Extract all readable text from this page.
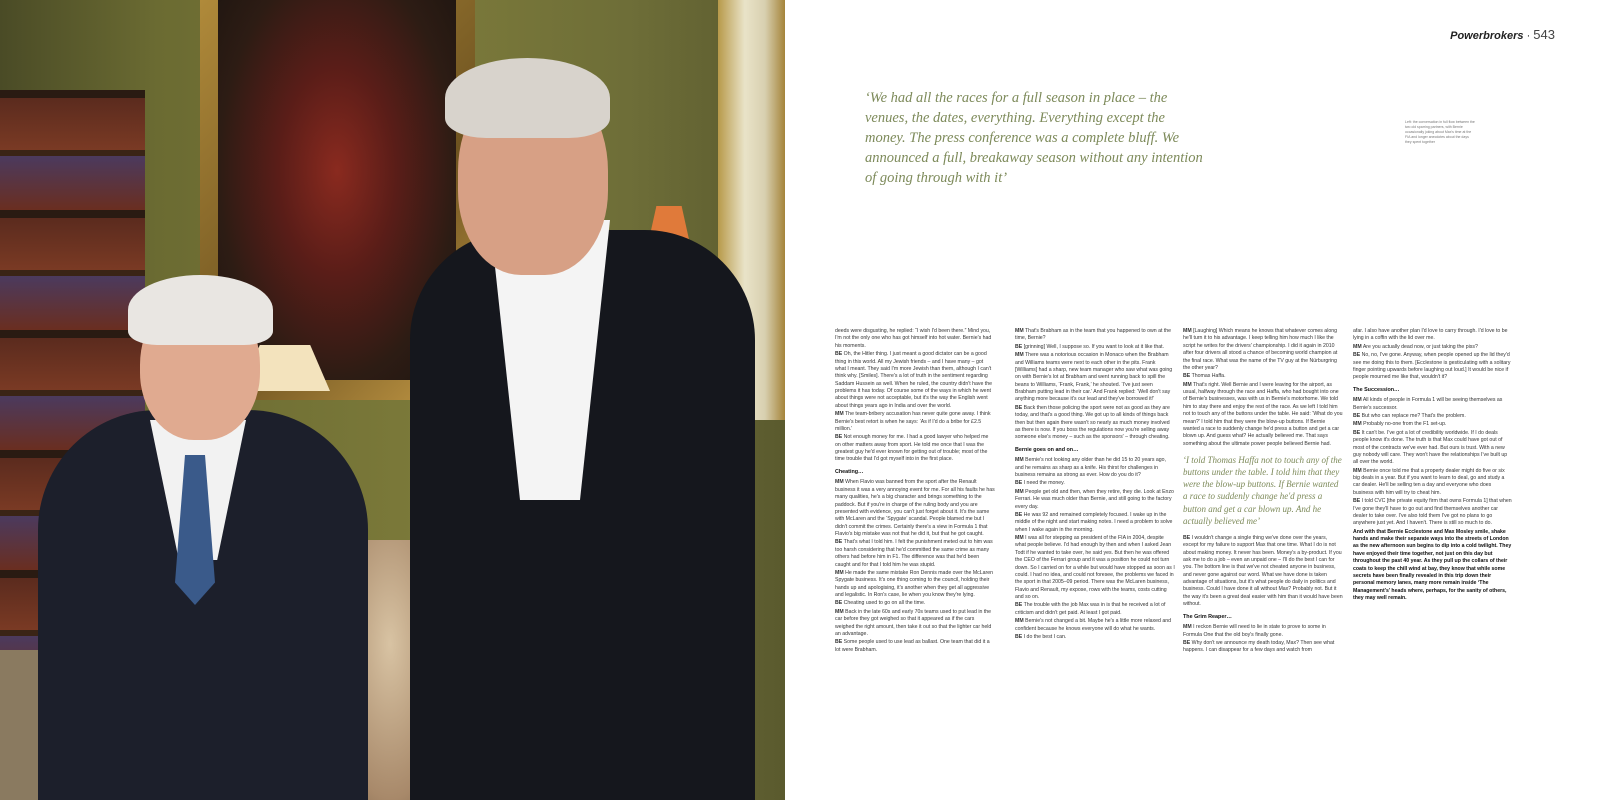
Powerbrokers · 543

‘We had all the races for a full season in place – the venues, the dates, everything. Everything except the money. The press conference was a complete bluff. We announced a full, breakaway season without any intention of going through with it’

Left: the conversation in full flow between the two old sparring partners, with Bernie occasionally joking about Max's time at the FIA and longer anecdotes about the days they spent together

deeds were disgusting, he replied: “I wish I'd been there.” Mind you, I'm not the only one who has got himself into hot water. Bernie's had his moments.

BE Oh, the Hitler thing. I just meant a good dictator can be a good thing in this world. All my Jewish friends – and I have many – got what I meant. They said I'm more Jewish than them, although I can't think why. [Smiles]. There's a lot of truth in the sentiment regarding Saddam Hussein as well. When he ruled, the country didn't have the problems it has today. Of course some of the ways in which he went about things were not acceptable, but it's the way the English went about things years ago in India and over the world.

MM The team-bribery accusation has never quite gone away. I think Bernie's best retort is when he says: ‘As if I'd do a bribe for £2.5 million.’

BE Not enough money for me. I had a good lawyer who helped me on other matters away from sport. He told me once that I was the greatest guy he'd ever known for getting out of trouble; most of the time trouble that I'd got myself into in the first place.

Cheating…

MM When Flavio was banned from the sport after the Renault business it was a very annoying event for me. For all his faults he has many qualities, he's a big character and brings something to the paddock. But if you're in charge of the ruling body and you are presented with evidence, you can't just forget about it. It's the same with McLaren and the ‘Spygate’ scandal. People blamed me but I didn't commit the crimes. Certainly there's a view in Formula 1 that Flavio's big mistake was not that he did it, but that he got caught.

BE That's what I told him. I felt the punishment meted out to him was too harsh considering that he'd committed the same crime as many others had before him in F1. The difference was that he'd been caught and for that I told him he was stupid.

MM He made the same mistake Ron Dennis made over the McLaren Spygate business. It's one thing coming to the council, holding their hands up and apologising, it's another when they get all aggressive and legalistic. In Ron's case, lie when you know they're lying.

BE Cheating used to go on all the time.

MM Back in the late 60s and early 70s teams used to put lead in the car before they got weighed so that it appeared as if the cars weighed the right amount, then take it out so that the lighter car held an advantage.

BE Some people used to use lead as ballast. One team that did it a lot were Brabham.

MM That's Brabham as in the team that you happened to own at the time, Bernie?

BE [grinning] Well, I suppose so. If you want to look at it like that.

MM There was a notorious occasion in Monaco when the Brabham and Williams teams were next to each other in the pits. Frank [Williams] had a sharp, new team manager who saw what was going on with Bernie's lot at Brabham and went running back to spill the beans to Williams, ‘Frank, Frank,’ he shouted. ‘I've just seen Brabham putting lead in their car.’ And Frank replied: ‘Well don't say anything more because it's our lead and they've borrowed it!’

BE Back then those policing the sport were not as good as they are today, and that's a good thing. We got up to all kinds of things back then but then again there wasn't so nearly as much money involved as there is now. If you boss the regulations now you're selling away someone else's money – such as the sponsors' – through cheating.

Bernie goes on and on…

MM Bernie's not looking any older than he did 15 to 20 years ago, and he remains as sharp as a knife. His thirst for challenges in business remains as strong as ever. How do you do it?

BE I need the money.

MM People get old and then, when they retire, they die. Look at Enzo Ferrari. He was much older than Bernie, and still going to the factory every day.

BE He was 92 and remained completely focused. I wake up in the middle of the night and start making notes. I need a problem to solve when I wake again in the morning.

MM I was all for stepping as president of the FIA in 2004, despite what people believe. I'd had enough by then and when I asked Jean Todt if he wanted to take over, he said yes. But then he was offered the CEO of the Ferrari group and it was a position he could not turn down. So I carried on for a while but would have stopped as soon as I could. I had no idea, and could not foresee, the problems we faced in the sport in that 2005–09 period. There was the McLaren business, Flavio and Renault, my expose, rows with the teams, costs cutting and so on.

BE The trouble with the job Max was in is that he received a lot of criticism and didn't get paid. At least I got paid.

MM Bernie's not changed a bit. Maybe he's a little more relaxed and confident because he knows everyone will do what he wants.

BE I do the best I can.

MM [Laughing] Which means he knows that whatever comes along he'll turn it to his advantage. I keep telling him how much I like the script he writes for the drivers' championship. I did it again in 2010 after four drivers all stood a chance of becoming world champion at the final race. What was the name of the TV guy at the Nürburgring the other year?

BE Thomas Haffa.

MM That's right. Well Bernie and I were leaving for the airport, as usual, halfway through the race and Haffa, who had bought into one of Bernie's businesses, was with us in Bernie's motorhome. We told him to stay there and enjoy the rest of the race. As we left I told him not to touch any of the buttons under the table. He said: ‘What do you mean?’ I told him that they were the blow-up buttons. If Bernie wanted a race to suddenly change he'd press a button and get a car blown up. And guess what? He actually believed me. That says something about the ultimate power people believed Bernie had.

‘I told Thomas Haffa not to touch any of the buttons under the table. I told him that they were the blow-up buttons. If Bernie wanted a race to suddenly change he'd press a button and get a car blown up. And he actually believed me’

BE I wouldn't change a single thing we've done over the years, except for my failure to support Max that one time. What I do is not about making money. It never has been. Money's a by-product. If you ask me to do a job – even an unpaid one – I'll do the best I can for you. The bottom line is that we've not cheated anyone in business, and never gone against our word. What we have done is taken advantage of situations, but it's what people do daily in politics and business. Could I have done it all without Max? Probably not. But it the way it's been a great deal easier with him than it would have been without.

The Grim Reaper…

MM I reckon Bernie will need to lie in state to prove to some in Formula One that the old boy's finally gone.

BE Why don't we announce my death today, Max? Then see what happens. I can disappear for a few days and watch from

afar. I also have another plan I'd love to carry through. I'd love to be lying in a coffin with the lid over me.

MM Are you actually dead now, or just taking the piss?

BE No, no, I've gone. Anyway, when people opened up the lid they'd see me doing this to them. [Ecclestone is gesticulating with a solitary finger pointing upwards before laughing out loud.] It would be nice if people mourned me like that, wouldn't it?

The Succession…

MM All kinds of people in Formula 1 will be seeing themselves as Bernie's successor.

BE But who can replace me? That's the problem.

MM Probably no-one from the F1 set-up.

BE It can't be. I've got a lot of credibility worldwide. If I do deals people know it's done. The truth is that Max could have got out of most of the contracts we've ever had. But ours is trust. With a new guy nobody will care. They won't have the relationships I've built up all over the world.

MM Bernie once told me that a property dealer might do five or six big deals in a year. But if you want to learn to deal, go and study a car dealer. He'll be selling ten a day and everyone who does business with him will try to cheat him.

BE I told CVC [the private equity firm that owns Formula 1] that when I've gone they'll have to go out and find themselves another car dealer to take over. I've also told them I've got no plans to go anywhere just yet. And I haven't. There is still so much to do.

And with that Bernie Ecclestone and Max Mosley smile, shake hands and make their separate ways into the streets of London as the new afternoon sun begins to dip into a cold twilight. They have enjoyed their time together, not just on this day but throughout the past 40 year. As they pull up the collars of their coats to keep the chill wind at bay, they know that while some secrets have been finally revealed in this trip down their personal memory lanes, many more remain inside ‘The Management's’ heads where, perhaps, for the sanity of others, they may well remain.
